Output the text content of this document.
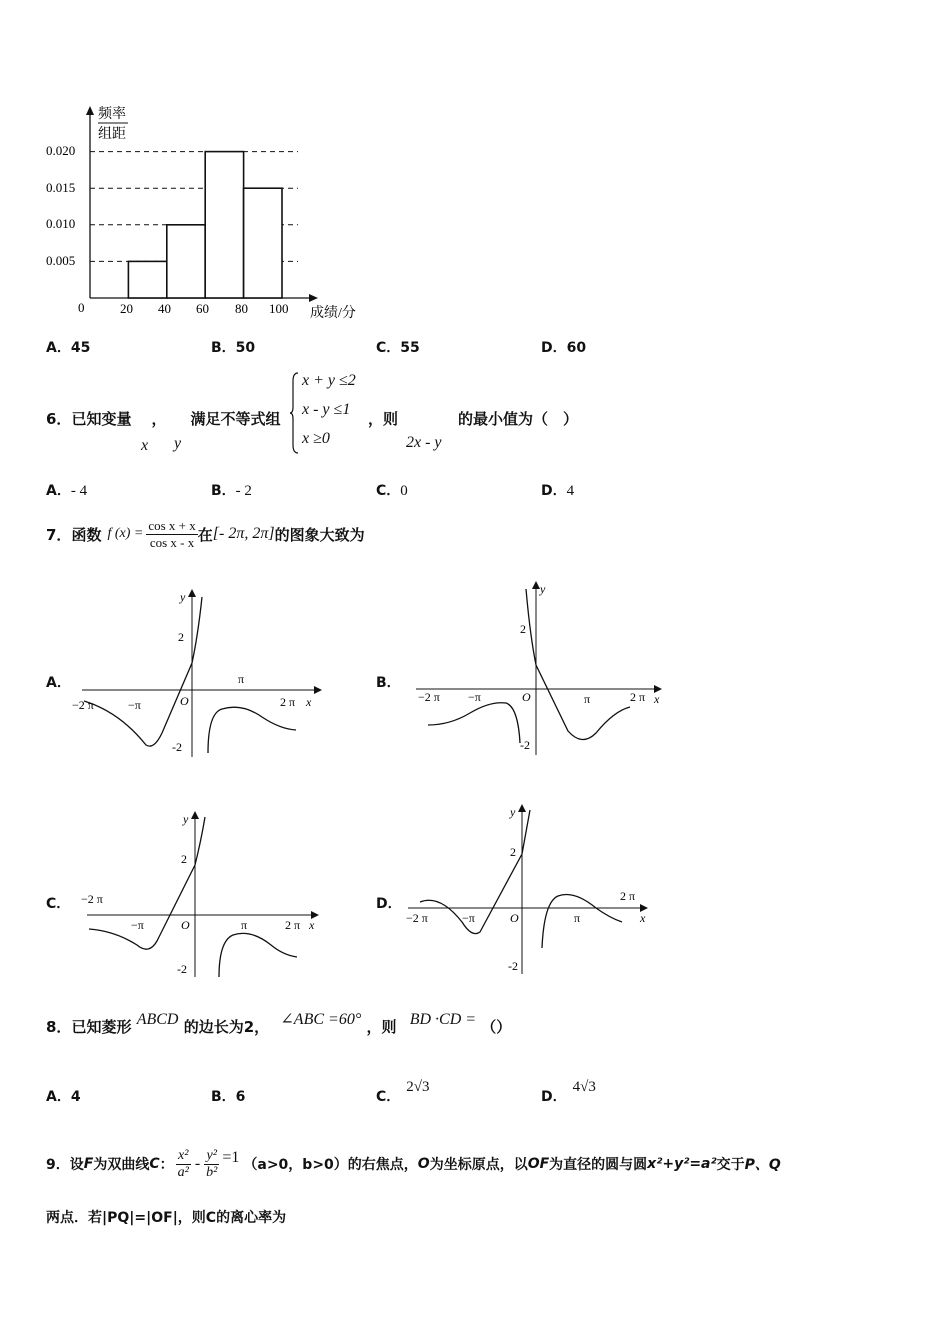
频率
组距
0.020
0.015
0.010
0.005
0	20 40 60 80 100 成绩/分
A．45	B．50	C．55	D．60
6．已知变量 ， 满足不等式组
x y
x + y ≤2
x - y ≤1
x ≥0
，则
2x - y
的最小值为（　）
A．- 4	B．- 2	C．0	D．4
7． 函数 f $(x) = \frac{\text{cos x + x}}{\text{cos x - x}}$ 在 [- 2π, 2π] 的图象大致为
A．
y
2
-2
O
π
−π
−2 π	2 π x
B．
y
2
-2
O	π
−π
−2 π	2 π x
C．
y
2
-2
O	π
−π
−2 π
2 π x
D．
y
2
-2
O	π
−π
−2 π
2 π
x
8．已知菱形 ABCD 的边长为2， ∠ABC =60° ，则 BD ·CD = （）
A．4	B．6	C．2√3
D．4√3
9． 设 F 为双曲线 C ： $\frac{\text{x²}}{\text{a²}} - \frac{\text{y²}}{\text{b²}} =1$ （a>0，b>0）的右焦点， O 为坐标原点，以 OF 为直径的圆与圆 x²+y²=a² 交于 P、Q
两点．若|PQ|=|OF|，则C的离心率为
